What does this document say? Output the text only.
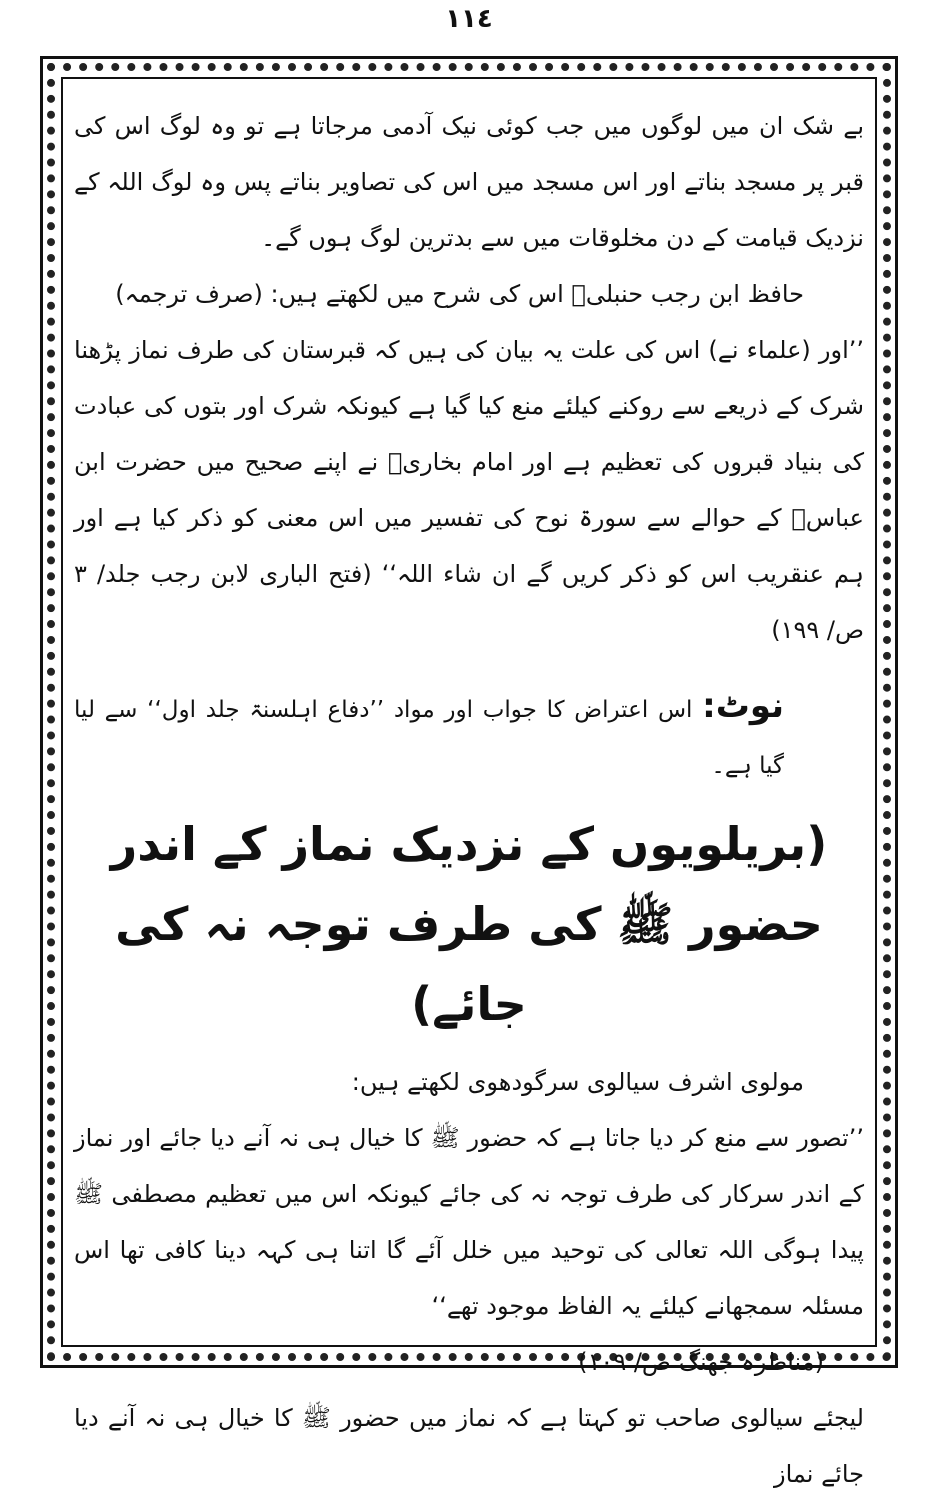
١١٤

بے شک ان میں لوگوں میں جب کوئی نیک آدمی مرجاتا ہے تو وہ لوگ اس کی قبر پر مسجد بناتے اور اس مسجد میں اس کی تصاویر بناتے پس وہ لوگ اللہ کے نزدیک قیامت کے دن مخلوقات میں سے بدترین لوگ ہوں گے۔

حافظ ابن رجب حنبلیؒ اس کی شرح میں لکھتے ہیں: (صرف ترجمہ)

’’اور (علماء نے) اس کی علت یہ بیان کی ہیں کہ قبرستان کی طرف نماز پڑھنا شرک کے ذریعے سے روکنے کیلئے منع کیا گیا ہے کیونکہ شرک اور بتوں کی عبادت کی بنیاد قبروں کی تعظیم ہے اور امام بخاریؒ نے اپنے صحیح میں حضرت ابن عباسؓ کے حوالے سے سورۃ نوح کی تفسیر میں اس معنی کو ذکر کیا ہے اور ہم عنقریب اس کو ذکر کریں گے ان شاء اللہ‘‘ (فتح الباری لابن رجب جلد/ ۳ ص/ ۱۹۹)

نوٹ: اس اعتراض کا جواب اور مواد ’’دفاع اہلسنۃ جلد اول‘‘ سے لیا گیا ہے۔

(بریلویوں کے نزدیک نماز کے اندر حضور ﷺ کی طرف توجہ نہ کی جائے)

مولوی اشرف سیالوی سرگودھوی لکھتے ہیں:

’’تصور سے منع کر دیا جاتا ہے کہ حضور ﷺ کا خیال ہی نہ آنے دیا جائے اور نماز کے اندر سرکار کی طرف توجہ نہ کی جائے کیونکہ اس میں تعظیم مصطفی ﷺ پیدا ہوگی اللہ تعالی کی توحید میں خلل آئے گا اتنا ہی کہہ دینا کافی تھا اس مسئلہ سمجھانے کیلئے یہ الفاظ موجود تھے‘‘

(مناظرہ جھنگ ص/ ۱۰۹)

لیجئے سیالوی صاحب تو کہتا ہے کہ نماز میں حضور ﷺ کا خیال ہی نہ آنے دیا جائے نماز
